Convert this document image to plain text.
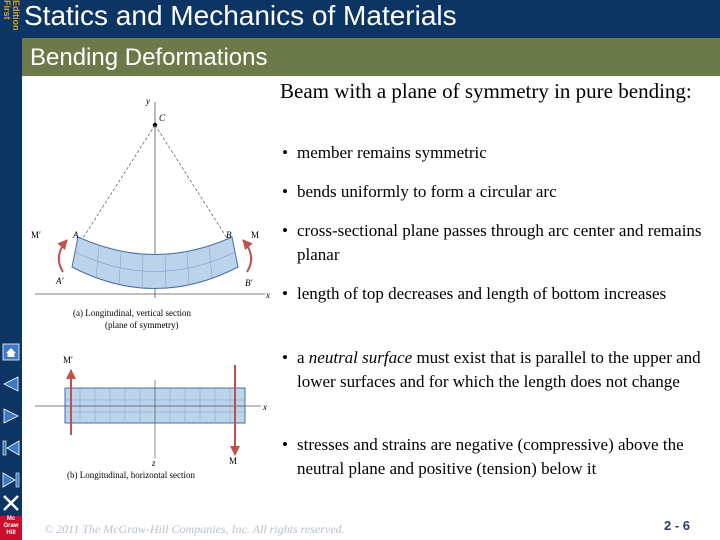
First Edition Statics and Mechanics of Materials
Bending Deformations
Mc
Graw
Hill
y
C
x
M′	A	B M
A′	B′
(a) Longitudinal, vertical section
(plane of symmetry)
x
z
M′
M
(b) Longitudinal, horizontal section
Beam with a plane of symmetry in pure bending:
• member remains symmetric
• bends uniformly to form a circular arc
• cross-sectional plane passes through arc center and remains planar
• length of top decreases and length of bottom increases
• a neutral surface must exist that is parallel to the upper and lower surfaces and for which the length does not change
• stresses and strains are negative (compressive) above the neutral plane and positive (tension) below it
© 2011 The McGraw-Hill Companies, Inc. All rights reserved.	2 - 6
